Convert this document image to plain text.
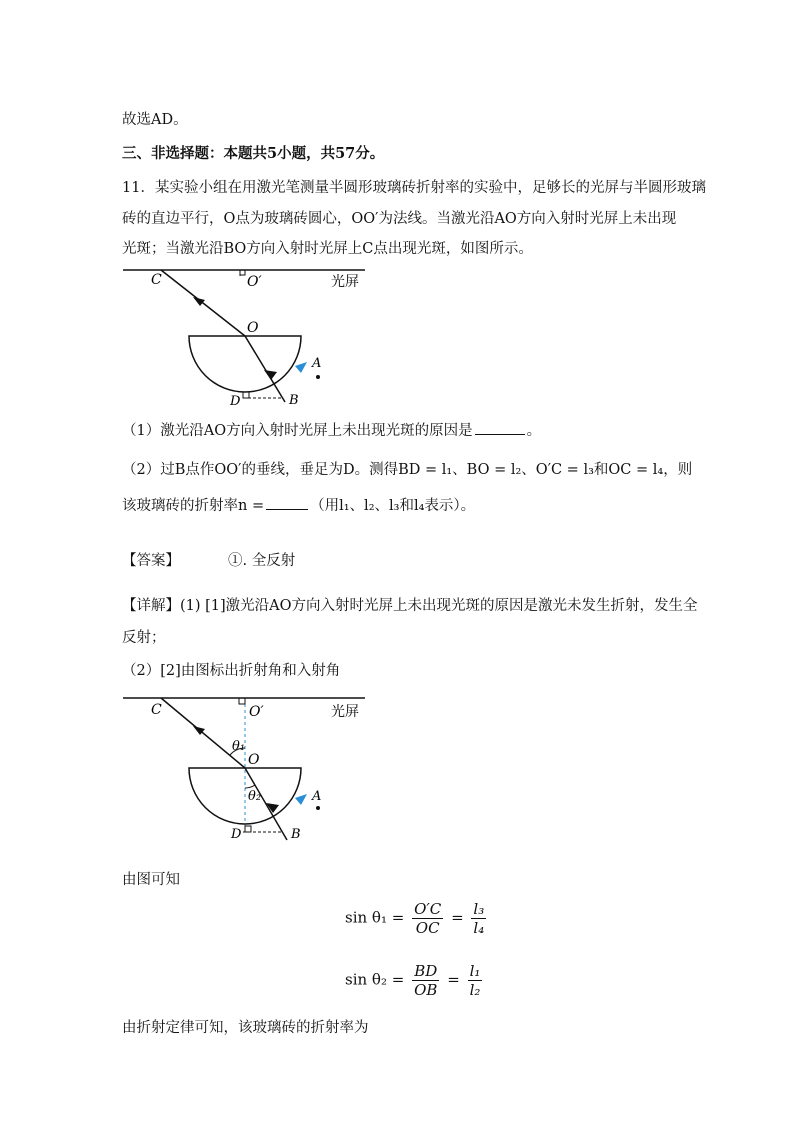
故选AD。
三、非选择题：本题共5小题，共57分。
11．某实验小组在用激光笔测量半圆形玻璃砖折射率的实验中，足够长的光屏与半圆形玻璃
砖的直边平行，O点为玻璃砖圆心，OO′为法线。当激光沿AO方向入射时光屏上未出现
光斑；当激光沿BO方向入射时光屏上C点出现光斑，如图所示。
C	O′	光屏
O
A
B
D
（1）激光沿AO方向入射时光屏上未出现光斑的原因是	。
（2）过B点作OO′的垂线，垂足为D。测得BD = l₁、BO = l₂、O′C = l₃和OC = l₄，则
该玻璃砖的折射率n =	（用l₁、l₂、l₃和l₄表示）。
【答案】	①. 全反射
【详解】(1) [1]激光沿AO方向入射时光屏上未出现光斑的原因是激光未发生折射，发生全
反射；
（2）[2]由图标出折射角和入射角
C	O′	光屏
θ₁
O
θ₂	A
B
D
由图可知
$\sin \theta_1 = \frac{O'C}{OC} = \frac{\text{l₃}}{\text{l₄}}$
$\sin \theta_2 = \frac{BD}{OB} = \frac{\text{l₁}}{\text{l₂}}$
由折射定律可知，该玻璃砖的折射率为
